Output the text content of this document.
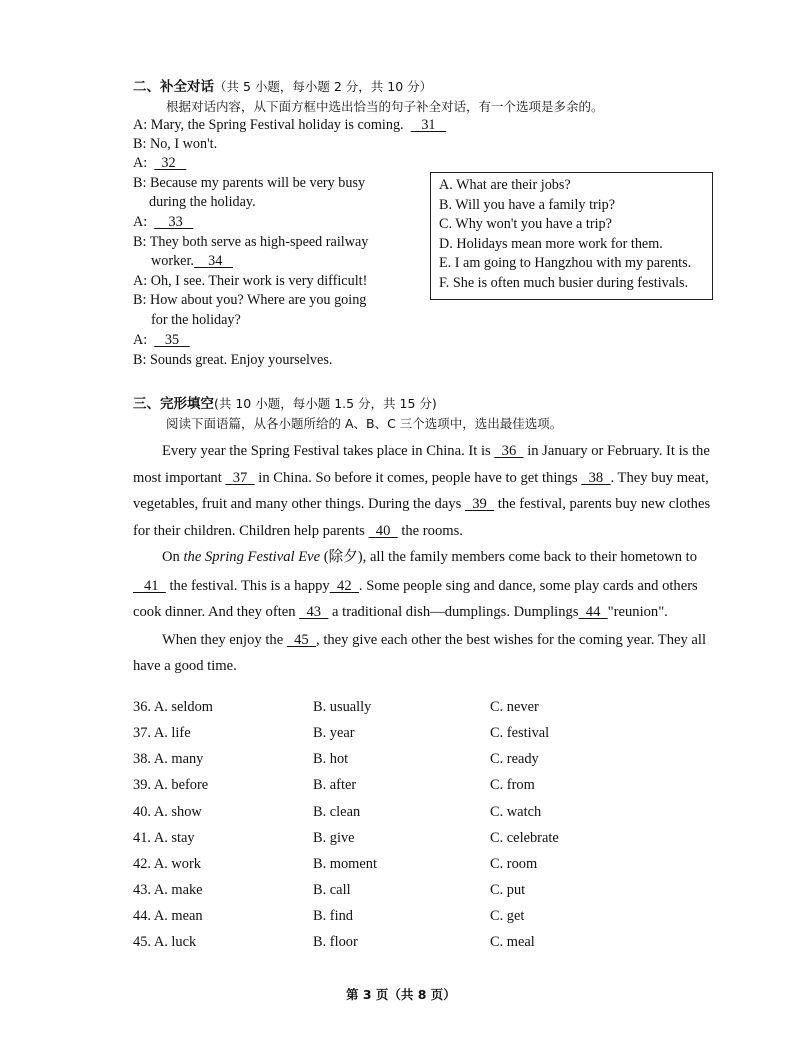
二、补全对话（共 5 小题，每小题 2 分，共 10 分）
根据对话内容，从下面方框中选出恰当的句子补全对话，有一个选项是多余的。
A: Mary, the Spring Festival holiday is coming. 31
B: No, I won't.
A: 32
B: Because my parents will be very busy
during the holiday.
A: 33
B: They both serve as high-speed railway
worker. 34
A: Oh, I see. Their work is very difficult!
B: How about you? Where are you going
for the holiday?
A: 35
B: Sounds great. Enjoy yourselves.
A. What are their jobs?
B. Will you have a family trip?
C. Why won't you have a trip?
D. Holidays mean more work for them.
E. I am going to Hangzhou with my parents.
F. She is often much busier during festivals.
三、完形填空(共 10 小题，每小题 1.5 分，共 15 分)
阅读下面语篇，从各小题所给的 A、B、C 三个选项中，选出最佳选项。
Every year the Spring Festival takes place in China. It is 36 in January or February. It is the
most important 37 in China. So before it comes, people have to get things 38 . They buy meat,
vegetables, fruit and many other things. During the days 39 the festival, parents buy new clothes
for their children. Children help parents 40 the rooms.
On the Spring Festival Eve (除夕), all the family members come back to their hometown to
41 the festival. This is a happy 42 . Some people sing and dance, some play cards and others
cook dinner. And they often 43 a traditional dish—dumplings. Dumplings 44 "reunion".
When they enjoy the 45 , they give each other the best wishes for the coming year. They all
have a good time.
36. A. seldom	B. usually	C. never
37. A. life	B. year	C. festival
38. A. many	B. hot	C. ready
39. A. before	B. after	C. from
40. A. show	B. clean	C. watch
41. A. stay	B. give	C. celebrate
42. A. work	B. moment	C. room
43. A. make	B. call	C. put
44. A. mean	B. find	C. get
45. A. luck	B. floor	C. meal
第 3 页（共 8 页）
